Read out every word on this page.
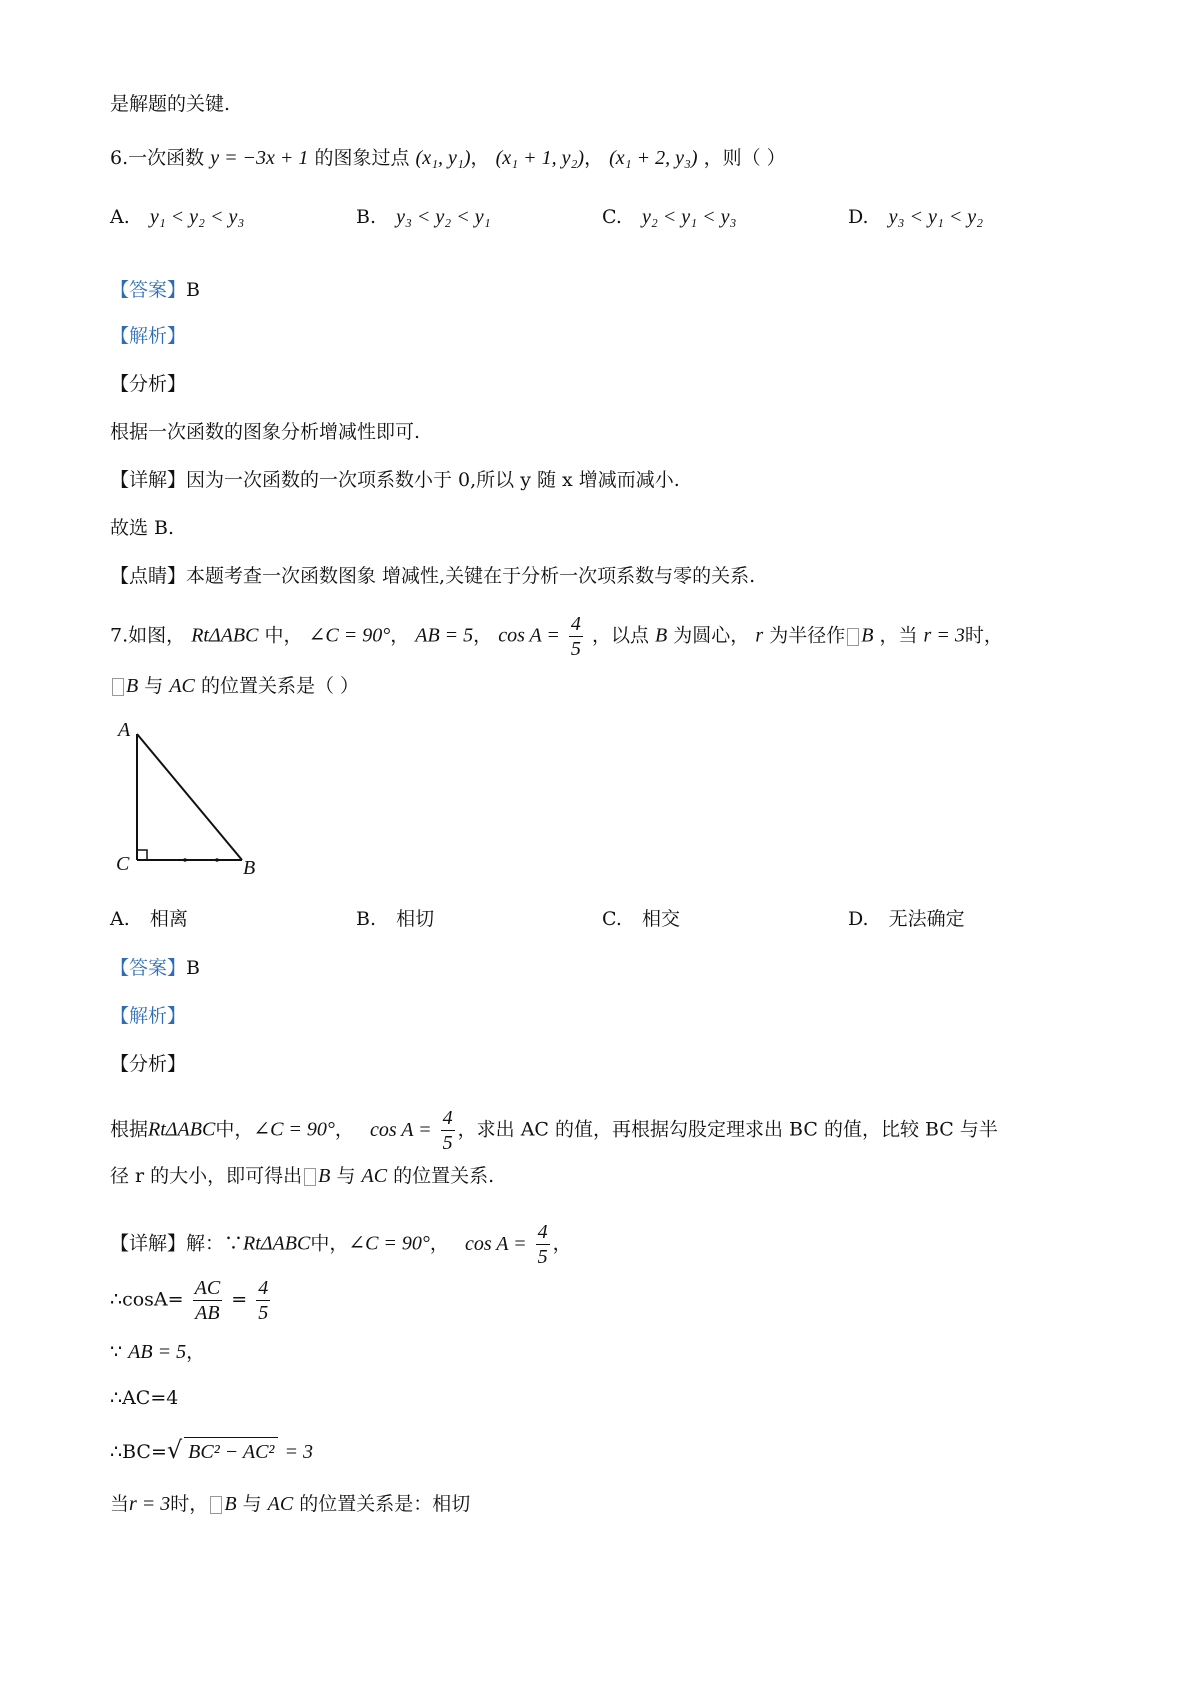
是解题的关键.
6.一次函数 y = −3x + 1 的图象过点 (x₁, y₁)， (x₁ + 1, y₂)， (x₁ + 2, y₃) ，则（ ）
A. y₁ < y₂ < y₃	B. y₃ < y₂ < y₁	C. y₂ < y₁ < y₃	D. y₃ < y₁ < y₂
【答案】B
【解析】
【分析】
根据一次函数的图象分析增减性即可.
【详解】因为一次函数的一次项系数小于 0,所以 y 随 x 增减而减小.
故选 B.
【点睛】本题考查一次函数图象 增减性,关键在于分析一次项系数与零的关系.
7.如图， RtΔABC 中， ∠C = 90°， AB = 5， $\cos A = \frac{4}{5}$ ，以点 B 为圆心， r 为半径作 B ，当 r = 3时，
B 与 AC 的位置关系是（ ）
A
C	B
A. 相离	B. 相切	C. 相交	D. 无法确定
【答案】B
【解析】
【分析】
根据RtΔABC中，∠C = 90°， $\cos A = \frac{4}{5}$ ，求出 AC 的值，再根据勾股定理求出 BC 的值，比较 BC 与半
径 r 的大小，即可得出 B 与 AC 的位置关系.
【详解】解：∵RtΔABC中，∠C = 90°， $\cos A = \frac{4}{5}$ ，
∴cosA= $\frac{AC}{AB} = \frac{4}{5}$
∵ AB = 5，
∴AC=4
∴BC=√ BC² − AC² = 3
当r = 3时， B 与 AC 的位置关系是：相切
